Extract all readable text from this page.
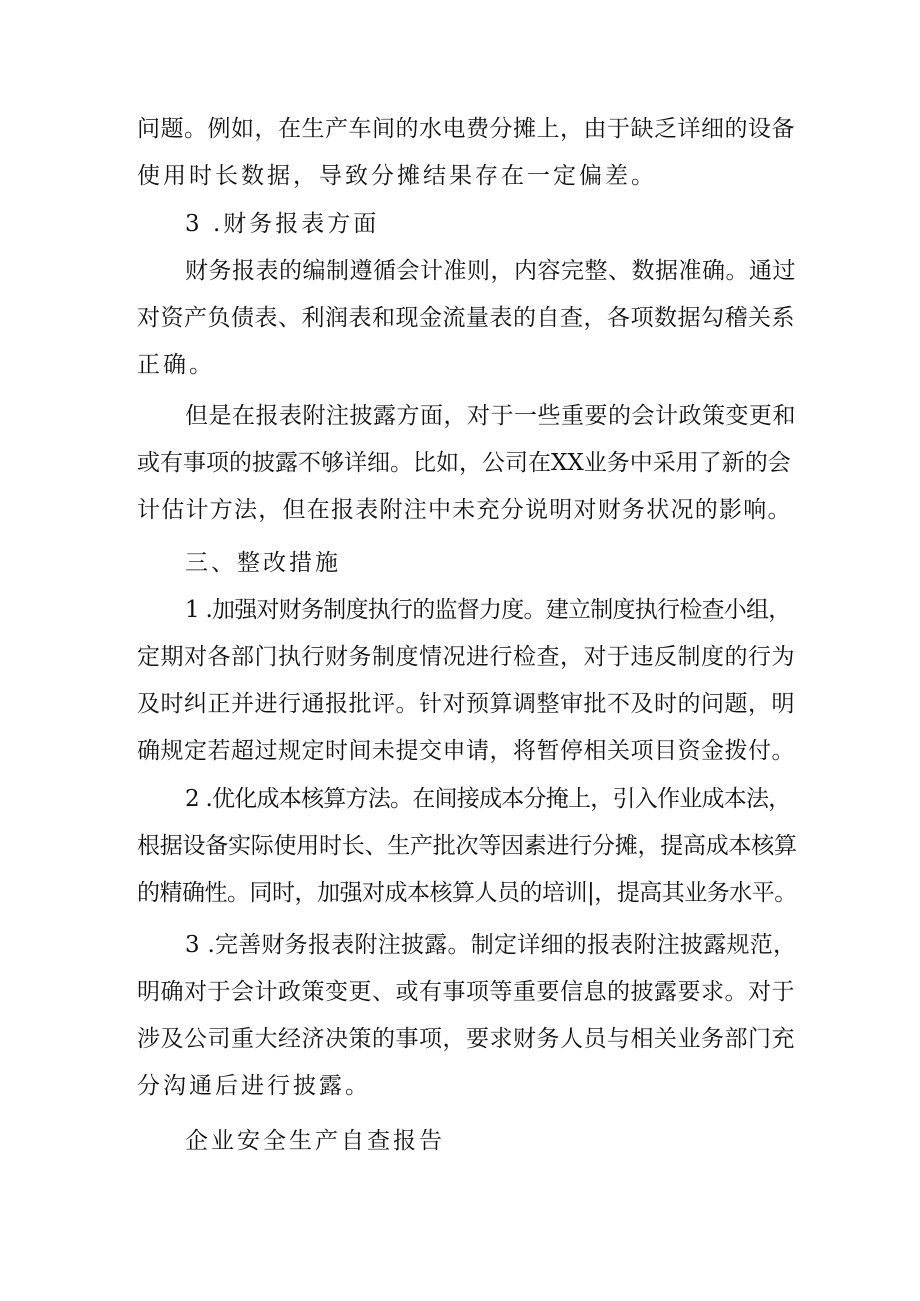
问题。例如，在生产车间的水电费分摊上，由于缺乏详细的设备
使用时长数据，导致分摊结果存在一定偏差。

3 .财务报表方面

财务报表的编制遵循会计准则，内容完整、数据准确。通过
对资产负债表、利润表和现金流量表的自查，各项数据勾稽关系
正确。

但是在报表附注披露方面，对于一些重要的会计政策变更和
或有事项的披露不够详细。比如，公司在XX业务中采用了新的会
计估计方法，但在报表附注中未充分说明对财务状况的影响。

三、整改措施

1 .加强对财务制度执行的监督力度。建立制度执行检查小组，
定期对各部门执行财务制度情况进行检查，对于违反制度的行为
及时纠正并进行通报批评。针对预算调整审批不及时的问题，明
确规定若超过规定时间未提交申请，将暂停相关项目资金拨付。

2 .优化成本核算方法。在间接成本分掩上，引入作业成本法，
根据设备实际使用时长、生产批次等因素进行分摊，提高成本核算
的精确性。同时，加强对成本核算人员的培训|，提高其业务水平。

3 .完善财务报表附注披露。制定详细的报表附注披露规范，
明确对于会计政策变更、或有事项等重要信息的披露要求。对于
涉及公司重大经济决策的事项，要求财务人员与相关业务部门充
分沟通后进行披露。

企业安全生产自查报告
